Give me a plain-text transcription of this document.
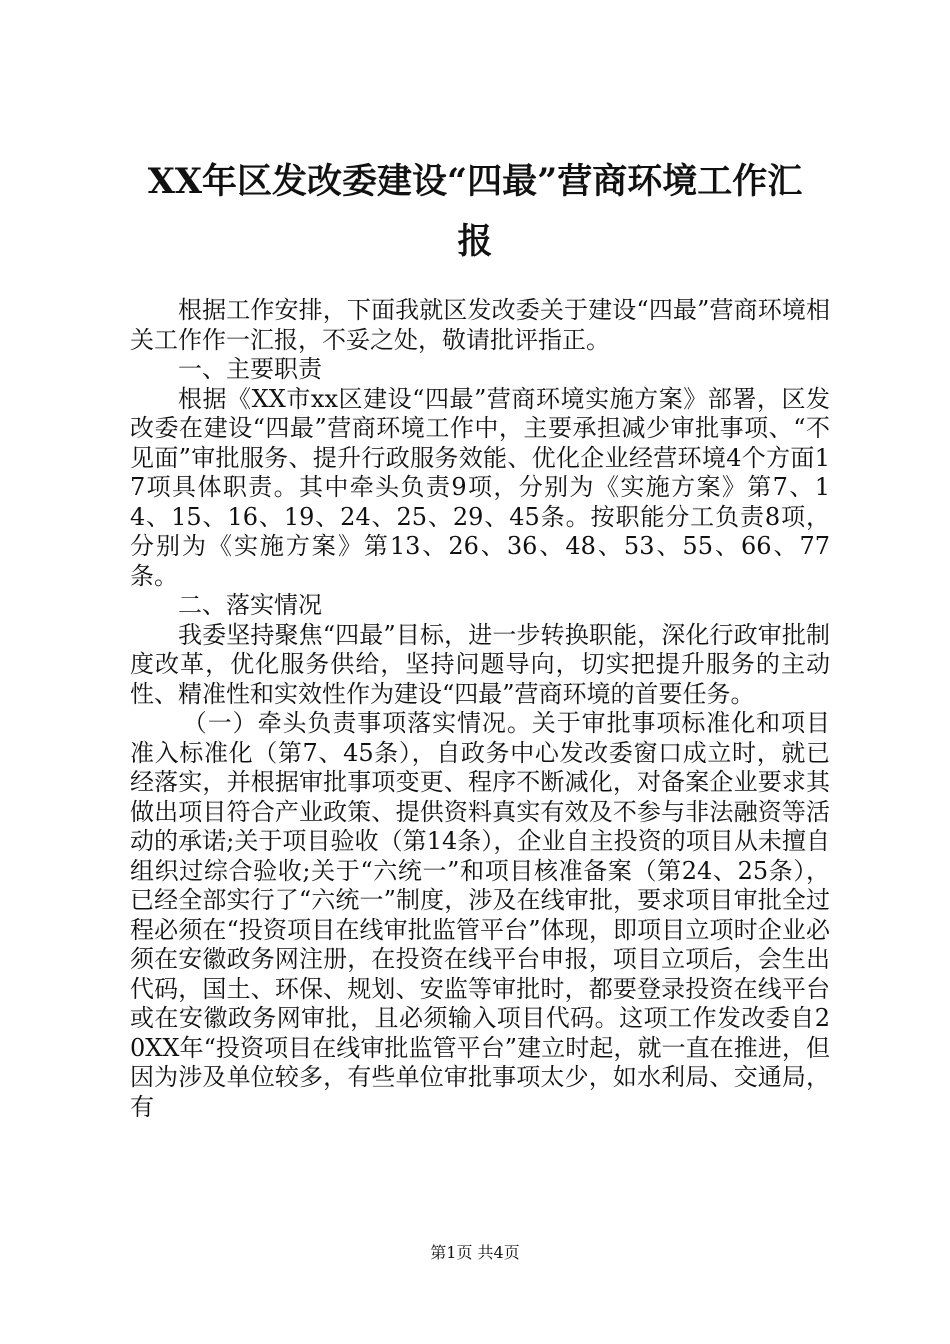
XX年区发改委建设“四最”营商环境工作汇
报

根据工作安排，下面我就区发改委关于建设“四最”营商环境相关工作作一汇报，不妥之处，敬请批评指正。

一、主要职责

根据《XX市xx区建设“四最”营商环境实施方案》部署，区发改委在建设“四最”营商环境工作中，主要承担减少审批事项、“不见面”审批服务、提升行政服务效能、优化企业经营环境4个方面17项具体职责。其中牵头负责9项，分别为《实施方案》第7、14、15、16、19、24、25、29、45条。按职能分工负责8项，分别为《实施方案》第13、26、36、48、53、55、66、77条。

二、落实情况

我委坚持聚焦“四最”目标，进一步转换职能，深化行政审批制度改革，优化服务供给，坚持问题导向，切实把提升服务的主动性、精准性和实效性作为建设“四最”营商环境的首要任务。

（一）牵头负责事项落实情况。关于审批事项标准化和项目准入标准化（第7、45条），自政务中心发改委窗口成立时，就已经落实，并根据审批事项变更、程序不断减化，对备案企业要求其做出项目符合产业政策、提供资料真实有效及不参与非法融资等活动的承诺;关于项目验收（第14条），企业自主投资的项目从未擅自组织过综合验收;关于“六统一”和项目核准备案（第24、25条），已经全部实行了“六统一”制度，涉及在线审批，要求项目审批全过程必须在“投资项目在线审批监管平台”体现，即项目立项时企业必须在安徽政务网注册，在投资在线平台申报，项目立项后，会生出代码，国土、环保、规划、安监等审批时，都要登录投资在线平台或在安徽政务网审批，且必须输入项目代码。这项工作发改委自20XX年“投资项目在线审批监管平台”建立时起，就一直在推进，但因为涉及单位较多，有些单位审批事项太少，如水利局、交通局，有

第1页 共4页
